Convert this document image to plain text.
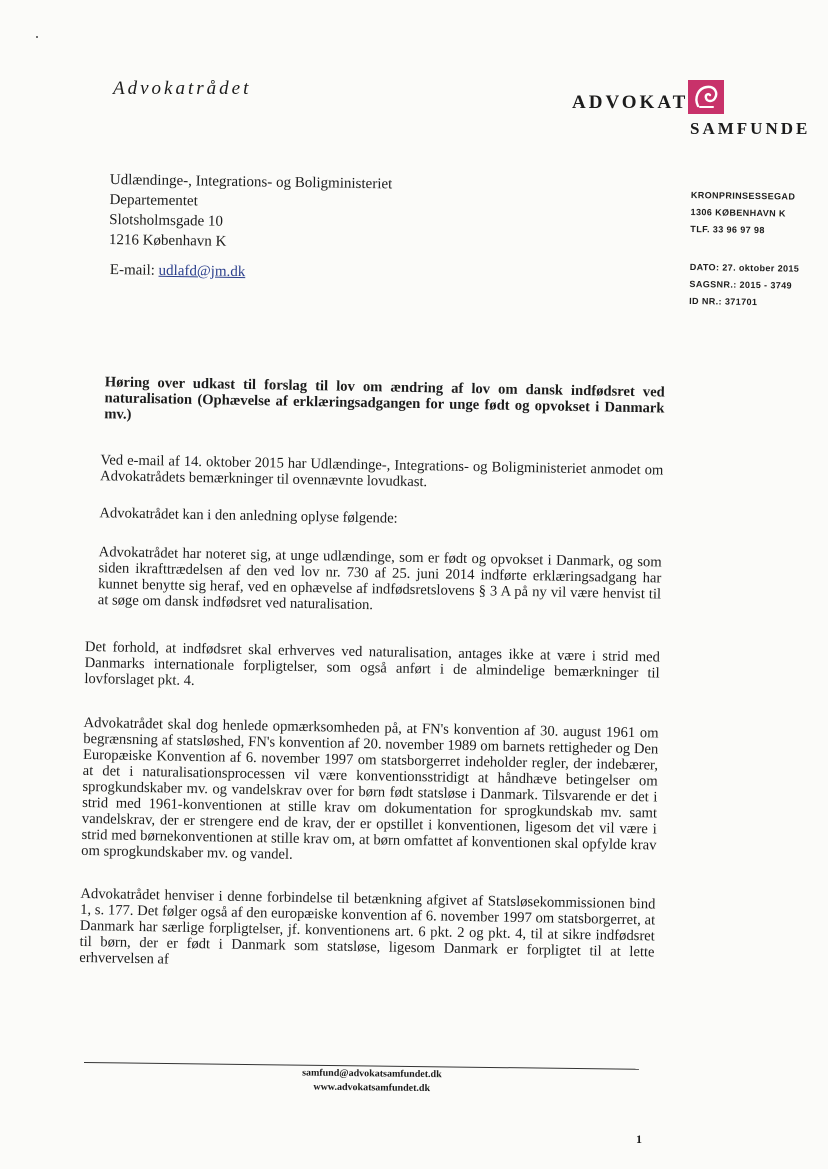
Advokatrådet
ADVOKAT
SAMFUNDE
Udlændinge-, Integrations- og Boligministeriet
Departementet
Slotsholmsgade 10
1216 København K
E-mail: udlafd@jm.dk
KRONPRINSESSEGAD
1306 KØBENHAVN K
TLF. 33 96 97 98
DATO: 27. oktober 2015
SAGSNR.: 2015 - 3749
ID NR.: 371701

Høring over udkast til forslag til lov om ændring af lov om dansk indfødsret ved naturalisation (Ophævelse af erklæringsadgangen for unge født og opvokset i Danmark mv.)

Ved e-mail af 14. oktober 2015 har Udlændinge-, Integrations- og Boligministeriet anmodet om Advokatrådets bemærkninger til ovennævnte lovudkast.

Advokatrådet kan i den anledning oplyse følgende:

Advokatrådet har noteret sig, at unge udlændinge, som er født og opvokset i Danmark, og som siden ikrafttrædelsen af den ved lov nr. 730 af 25. juni 2014 indførte erklæringsadgang har kunnet benytte sig heraf, ved en ophævelse af indfødsretslovens § 3 A på ny vil være henvist til at søge om dansk indfødsret ved naturalisation.

Det forhold, at indfødsret skal erhverves ved naturalisation, antages ikke at være i strid med Danmarks internationale forpligtelser, som også anført i de almindelige bemærkninger til lovforslaget pkt. 4.

Advokatrådet skal dog henlede opmærksomheden på, at FN's konvention af 30. august 1961 om begrænsning af statsløshed, FN's konvention af 20. november 1989 om barnets rettigheder og Den Europæiske Konvention af 6. november 1997 om statsborgerret indeholder regler, der indebærer, at det i naturalisationsprocessen vil være konventionsstridigt at håndhæve betingelser om sprogkundskaber mv. og vandelskrav over for børn født statsløse i Danmark. Tilsvarende er det i strid med 1961-konventionen at stille krav om dokumentation for sprogkundskab mv. samt vandelskrav, der er strengere end de krav, der er opstillet i konventionen, ligesom det vil være i strid med børnekonventionen at stille krav om, at børn omfattet af konventionen skal opfylde krav om sprogkundskaber mv. og vandel.

Advokatrådet henviser i denne forbindelse til betænkning afgivet af Statsløsekommissionen bind 1, s. 177. Det følger også af den europæiske konvention af 6. november 1997 om statsborgerret, at Danmark har særlige forpligtelser, jf. konventionens art. 6 pkt. 2 og pkt. 4, til at sikre indfødsret til børn, der er født i Danmark som statsløse, ligesom Danmark er forpligtet til at lette erhvervelsen af

samfund@advokatsamfundet.dk
www.advokatsamfundet.dk
1
